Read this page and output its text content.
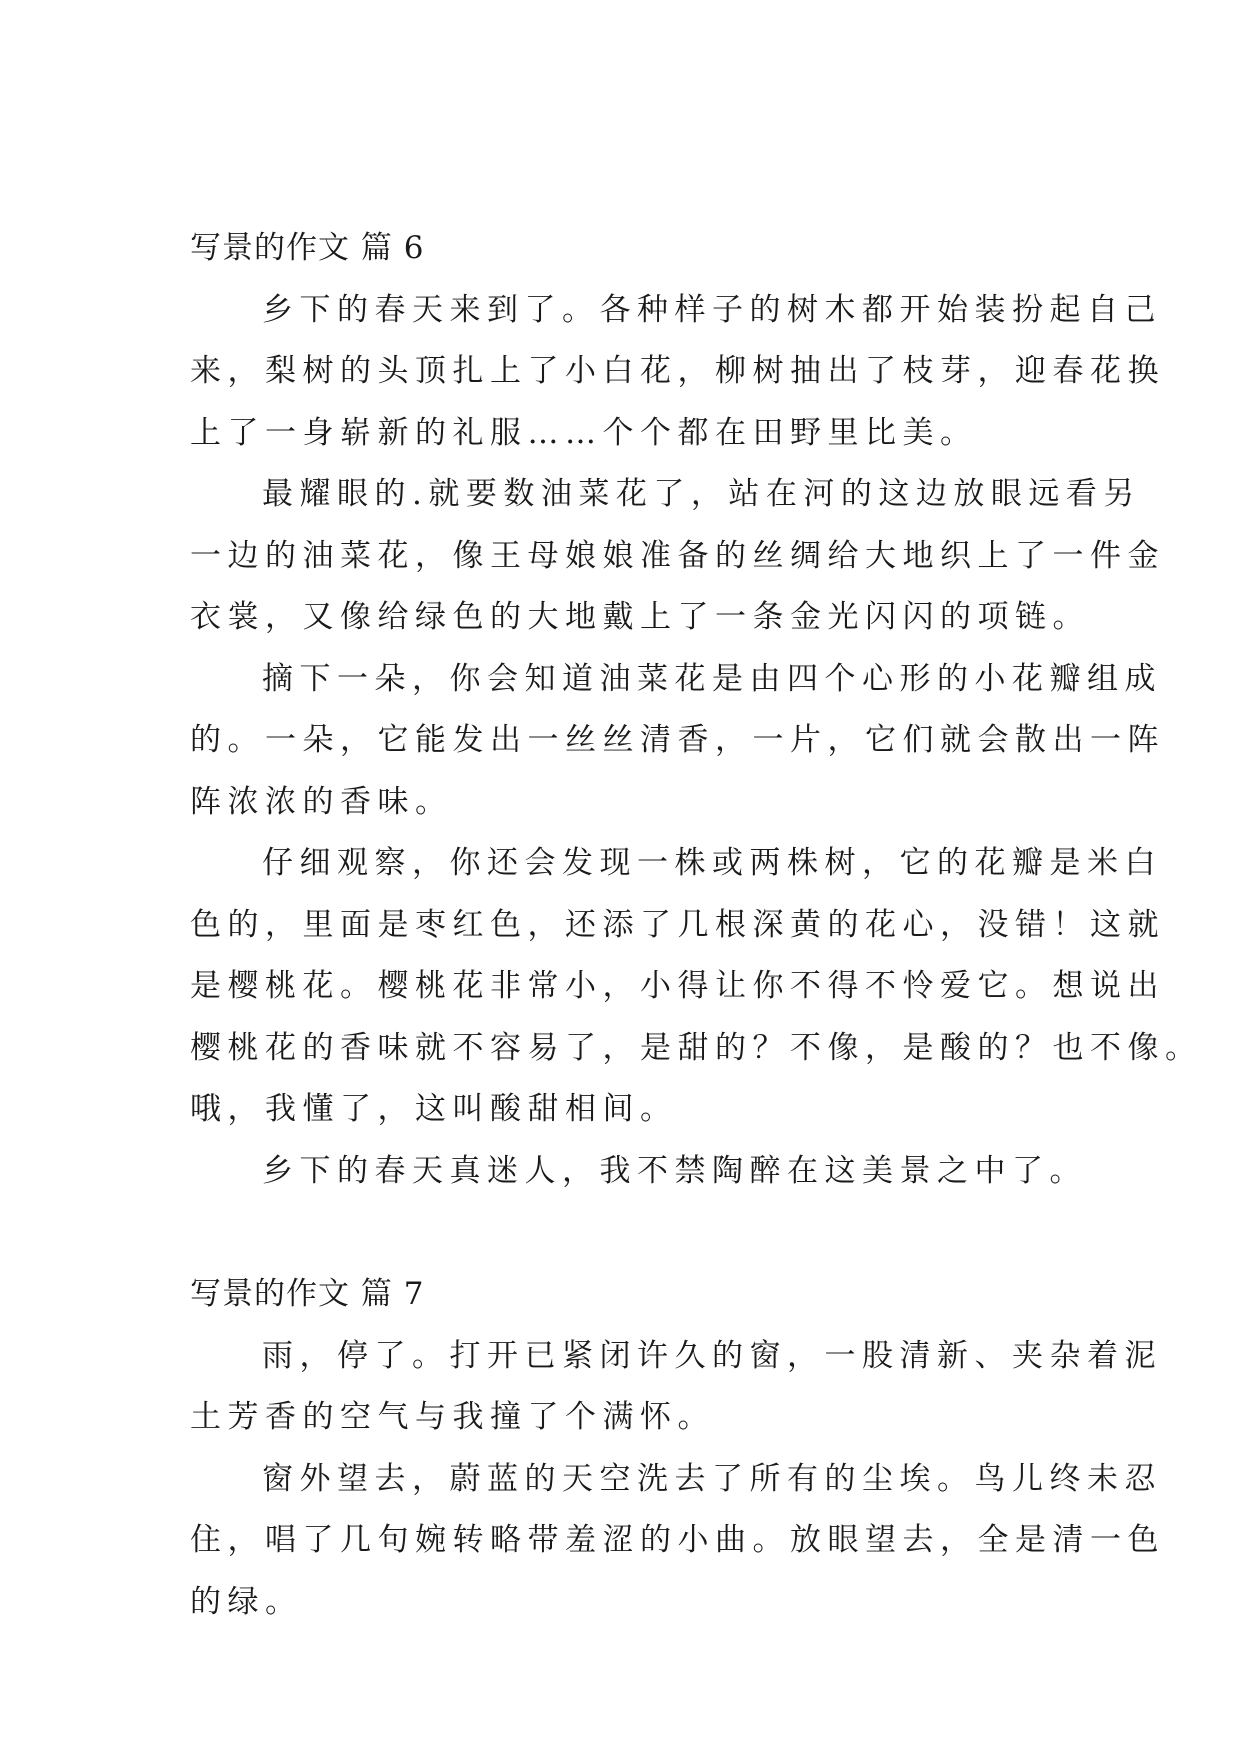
写景的作文 篇 6
乡下的春天来到了。各种样子的树木都开始装扮起自己
来，梨树的头顶扎上了小白花，柳树抽出了枝芽，迎春花换
上了一身崭新的礼服……个个都在田野里比美。
最耀眼的.就要数油菜花了，站在河的这边放眼远看另
一边的油菜花，像王母娘娘准备的丝绸给大地织上了一件金
衣裳，又像给绿色的大地戴上了一条金光闪闪的项链。
摘下一朵，你会知道油菜花是由四个心形的小花瓣组成
的。一朵，它能发出一丝丝清香，一片，它们就会散出一阵
阵浓浓的香味。
仔细观察，你还会发现一株或两株树，它的花瓣是米白
色的，里面是枣红色，还添了几根深黄的花心，没错！这就
是樱桃花。樱桃花非常小，小得让你不得不怜爱它。想说出
樱桃花的香味就不容易了，是甜的？不像，是酸的？也不像。
哦，我懂了，这叫酸甜相间。
乡下的春天真迷人，我不禁陶醉在这美景之中了。
写景的作文 篇 7
雨，停了。打开已紧闭许久的窗，一股清新、夹杂着泥
土芳香的空气与我撞了个满怀。
窗外望去，蔚蓝的天空洗去了所有的尘埃。鸟儿终未忍
住，唱了几句婉转略带羞涩的小曲。放眼望去，全是清一色
的绿。
